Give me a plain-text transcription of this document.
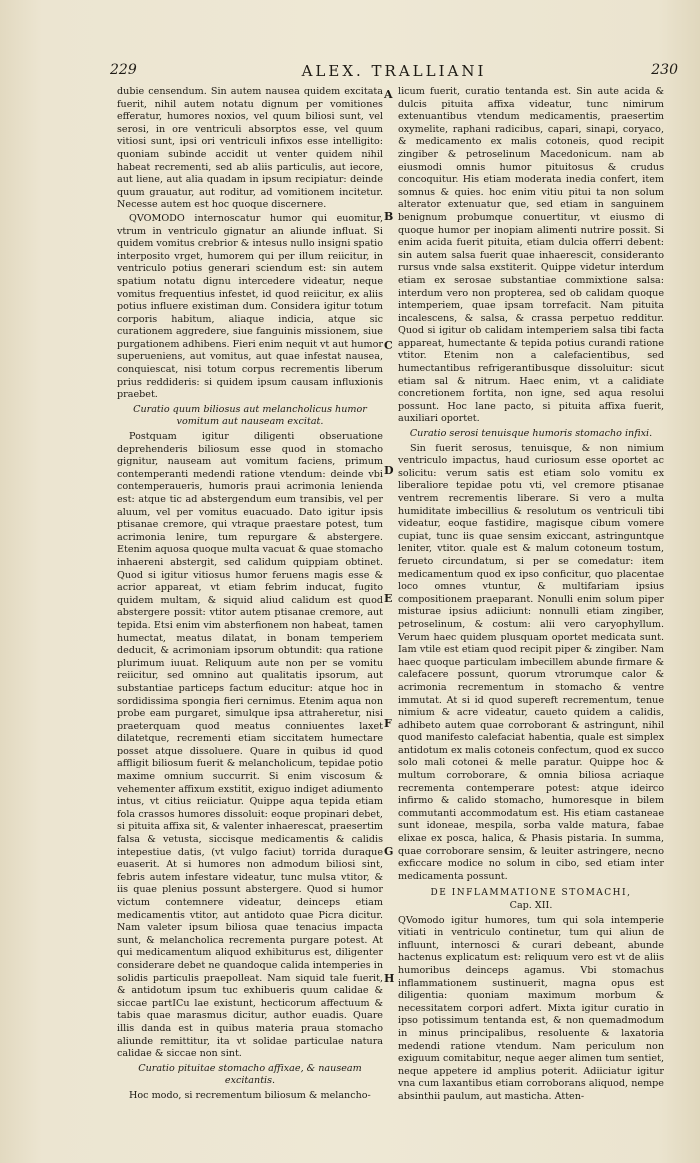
229	ALEX. TRALLIANI	230
A
B
C
D
E
F
G
H

dubie censendum. Sin autem nausea quidem excitata fuerit, nihil autem notatu dignum per vomitiones efferatur, humores noxios, vel quum biliosi sunt, vel serosi, in ore ventriculi absorptos esse, vel quum vitiosi sunt, ipsi ori ventriculi infixos esse intelligito: quoniam subinde accidit ut venter quidem nihil habeat recrementi, sed ab aliis particulis, aut iecore, aut liene, aut alia quadam in ipsum recipiatur: deinde quum grauatur, aut roditur, ad vomitionem incitetur. Necesse autem est hoc quoque discernere.

QVOMODO internoscatur humor qui euomitur, vtrum in ventriculo gignatur an aliunde influat. Si quidem vomitus crebrior & intesus nullo insigni spatio interposito vrget, humorem qui per illum reiicitur, in ventriculo potius generari sciendum est: sin autem spatium notatu dignu intercedere videatur, neque vomitus frequentius infestet, id quod reiicitur, ex aliis potius influere existiman dum. Considera igitur totum corporis habitum, aliaque indicia, atque sic curationem aggredere, siue fanguinis missionem, siue purgationem adhibens. Fieri enim nequit vt aut humor superueniens, aut vomitus, aut quae infestat nausea, conquiescat, nisi totum corpus recrementis liberum prius reddideris: si quidem ipsum causam influxionis praebet.

Curatio quum biliosus aut melancholicus humor vomitum aut nauseam excitat.

Postquam igitur diligenti obseruatione deprehenderis biliosum esse quod in stomacho gignitur, nauseam aut vomitum faciens, primum contemperanti medendi ratione vtendum: deinde vbi contemperaueris, humoris praui acrimonia lenienda est: atque tic ad abstergendum eum transibis, vel per aluum, vel per vomitus euacuado. Dato igitur ipsis ptisanae cremore, qui vtraque praestare potest, tum acrimonia lenire, tum repurgare & abstergere. Etenim aquosa quoque multa vacuat & quae stomacho inhaereni abstergit, sed calidum quippiam obtinet. Quod si igitur vitiosus humor feruens magis esse & acrior appareat, vt etiam febrim inducat, fugito quidem multam, & siquid aliud calidum est quod abstergere possit: vtitor autem ptisanae cremore, aut tepida. Etsi enim vim absterfionem non habeat, tamen humectat, meatus dilatat, in bonam temperiem deducit, & acrimoniam ipsorum obtundit: qua ratione plurimum iuuat. Reliquum aute non per se vomitu reiicitur, sed omnino aut qualitatis ipsorum, aut substantiae particeps factum educitur: atque hoc in sordidissima spongia fieri cernimus. Etenim aqua non probe eam purgaret, simulque ipsa attraheretur, nisi praeterquam quod meatus conniuentes laxet dilatetque, recrementi etiam siccitatem humectare posset atque dissoluere. Quare in quibus id quod affligit biliosum fuerit & melancholicum, tepidae potio maxime omnium succurrit. Si enim viscosum & vehementer affixum exstitit, exiguo indiget adiumento intus, vt citius reiiciatur. Quippe aqua tepida etiam fola crassos humores dissoluit: eoque propinari debet, si pituita affixa sit, & valenter inhaerescat, praesertim falsa & vetusta, siccisque medicamentis & calidis intepestiue datis, (vt vulgo faciut) torrida duraque euaserit. At si humores non admodum biliosi sint, febris autem infestare videatur, tunc mulsa vtitor, & iis quae plenius possunt abstergere. Quod si humor victum contemnere videatur, deinceps etiam medicamentis vtitor, aut antidoto quae Picra dicitur. Nam valeter ipsum biliosa quae tenacius impacta sunt, & melancholica recrementa purgare potest. At qui medicamentum aliquod exhibiturus est, diligenter considerare debet ne quandoque calida intemperies in solidis particulis praepolleat. Nam siquid tale fuerit, & antidotum ipsum tuc exhibueris quum calidae & siccae partICu lae existunt, hecticorum affectuum & tabis quae marasmus dicitur, author euadis. Quare illis danda est in quibus materia praua stomacho aliunde remittitur, ita vt solidae particulae natura calidae & siccae non sint.

Curatio pituitae stomacho affixae, & nauseam excitantis.

Hoc modo, si recrementum biliosum & melancho-

licum fuerit, curatio tentanda est. Sin aute acida & dulcis pituita affixa videatur, tunc nimirum extenuantibus vtendum medicamentis, praesertim oxymelite, raphani radicibus, capari, sinapi, coryaco, & medicamento ex malis cotoneis, quod recipit zingiber & petroselinum Macedonicum. nam ab eiusmodi omnis humor pituitosus & crudus concoquitur. His etiam moderata inedia confert, item somnus & quies. hoc enim vitiu pitui ta non solum alterator extenuatur que, sed etiam in sanguinem benignum probumque conuertitur, vt eiusmo di quoque humor per inopiam alimenti nutrire possit. Si enim acida fuerit pituita, etiam dulcia offerri debent: sin autem salsa fuerit quae inhaerescit, consideranto rursus vnde salsa exstiterit. Quippe videtur interdum etiam ex serosae substantiae commixtione salsa: interdum vero non propterea, sed ob calidam quoque intemperiem, quae ipsam torrefacit. Nam pituita incalescens, & salsa, & crassa perpetuo redditur. Quod si igitur ob calidam intemperiem salsa tibi facta appareat, humectante & tepida potius curandi ratione vtitor. Etenim non a calefacientibus, sed humectantibus refrigerantibusque dissoluitur: sicut etiam sal & nitrum. Haec enim, vt a calidiate concretionem fortita, non igne, sed aqua resolui possunt. Hoc lane pacto, si pituita affixa fuerit, auxiliari oportet.

Curatio serosi tenuisque humoris stomacho infixi.

Sin fuerit serosus, tenuisque, & non nimium ventriculo impactus, haud curiosum esse oportet ac solicitu: verum satis est etiam solo vomitu ex liberaliore tepidae potu vti, vel cremore ptisanae ventrem recrementis liberare. Si vero a multa humiditate imbecillius & resolutum os ventriculi tibi videatur, eoque fastidire, magisque cibum vomere cupiat, tunc iis quae sensim exiccant, astringuntque leniter, vtitor. quale est & malum cotoneum tostum, ferueto circundatum, si per se comedatur: item medicamentum quod ex ipso conficitur, quo placentae loco omnes vtuntur, & multifariam ipsius compositionem praeparant. Nonulli enim solum piper misturae ipsius adiiciunt: nonnulli etiam zingiber, petroselinum, & costum: alii vero caryophyllum. Verum haec quidem plusquam oportet medicata sunt. Iam vtile est etiam quod recipit piper & zingiber. Nam haec quoque particulam imbecillem abunde firmare & calefacere possunt, quorum vtrorumque calor & acrimonia recrementum in stomacho & ventre immutat. At si id quod supereft recrementum, tenue nimium & acre videatur, caueto quidem a calidis, adhibeto autem quae corroborant & astringunt, nihil quod manifesto calefaciat habentia, quale est simplex antidotum ex malis cotoneis confectum, quod ex succo solo mali cotonei & melle paratur. Quippe hoc & multum corroborare, & omnia biliosa acriaque recrementa contemperare potest: atque ideirco infirmo & calido stomacho, humoresque in bilem commutanti accommodatum est. His etiam castaneae sunt idoneae, mespila, sorba valde matura, fabae elixae ex posca, halica, & Phasis pistaria. In summa, quae corroborare sensim, & leuiter astringere, necno exficcare modice no solum in cibo, sed etiam inter medicamenta possunt.

DE INFLAMMATIONE STOMACHI,
Cap. XII.

QVomodo igitur humores, tum qui sola intemperie vitiati in ventriculo continetur, tum qui aliun de influunt, internosci & curari debeant, abunde hactenus explicatum est: reliquum vero est vt de aliis humoribus deinceps agamus. Vbi stomachus inflammationem sustinuerit, magna opus est diligentia: quoniam maximum morbum & necessitatem corpori adfert. Mixta igitur curatio in ipso potissimum tentanda est, & non quemadmodum in minus principalibus, resoluente & laxatoria medendi ratione vtendum. Nam periculum non exiguum comitabitur, neque aeger alimen tum sentiet, neque appetere id amplius poterit. Adiiciatur igitur vna cum laxantibus etiam corroborans aliquod, nempe absinthii paulum, aut masticha. Atten-
